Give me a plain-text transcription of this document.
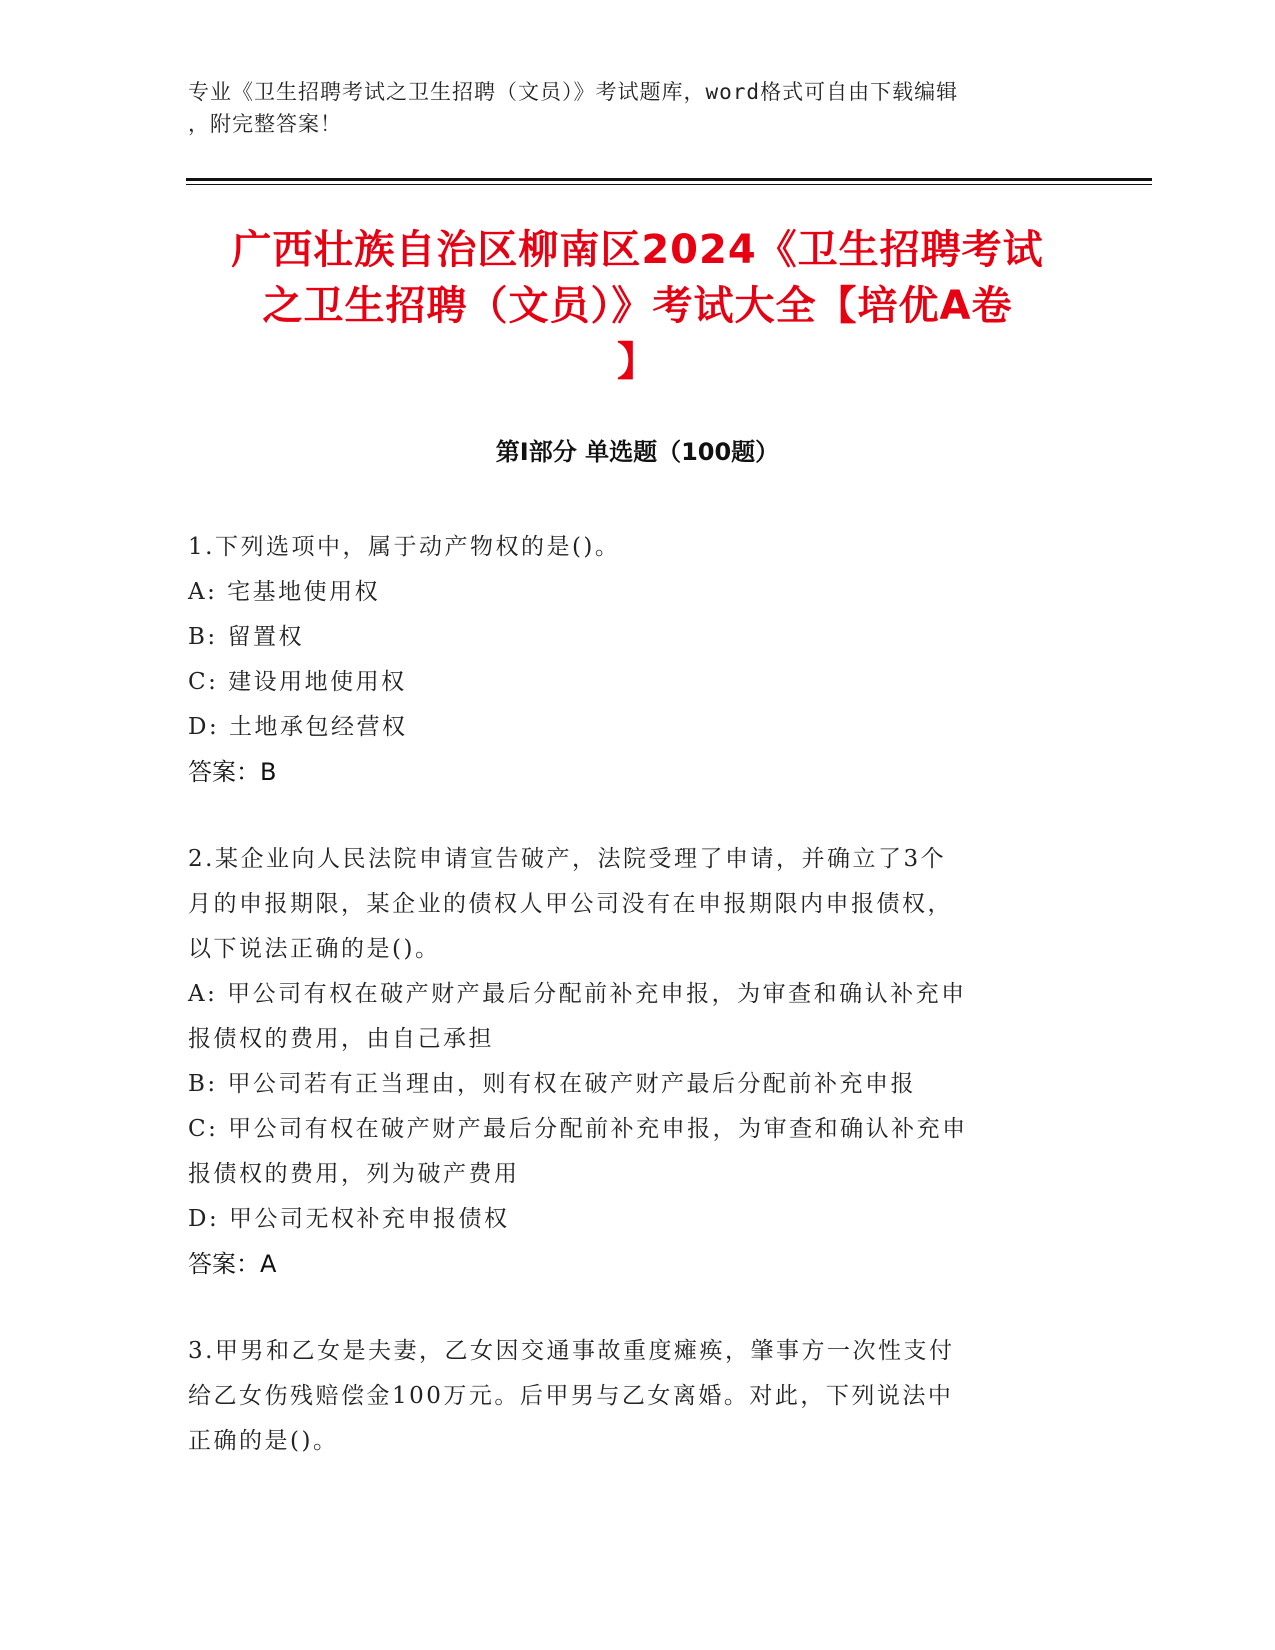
专业《卫生招聘考试之卫生招聘（文员）》考试题库，word格式可自由下载编辑
，附完整答案！
广西壮族自治区柳南区2024《卫生招聘考试
之卫生招聘（文员）》考试大全【培优A卷
】
第I部分 单选题（100题）
1.下列选项中，属于动产物权的是()。
A: 宅基地使用权
B: 留置权
C: 建设用地使用权
D: 土地承包经营权
答案：B
2.某企业向人民法院申请宣告破产，法院受理了申请，并确立了3个
月的申报期限，某企业的债权人甲公司没有在申报期限内申报债权，
以下说法正确的是()。
A: 甲公司有权在破产财产最后分配前补充申报，为审查和确认补充申
报债权的费用，由自己承担
B: 甲公司若有正当理由，则有权在破产财产最后分配前补充申报
C: 甲公司有权在破产财产最后分配前补充申报，为审查和确认补充申
报债权的费用，列为破产费用
D: 甲公司无权补充申报债权
答案：A
3.甲男和乙女是夫妻，乙女因交通事故重度瘫痪，肇事方一次性支付
给乙女伤残赔偿金100万元。后甲男与乙女离婚。对此，下列说法中
正确的是()。
